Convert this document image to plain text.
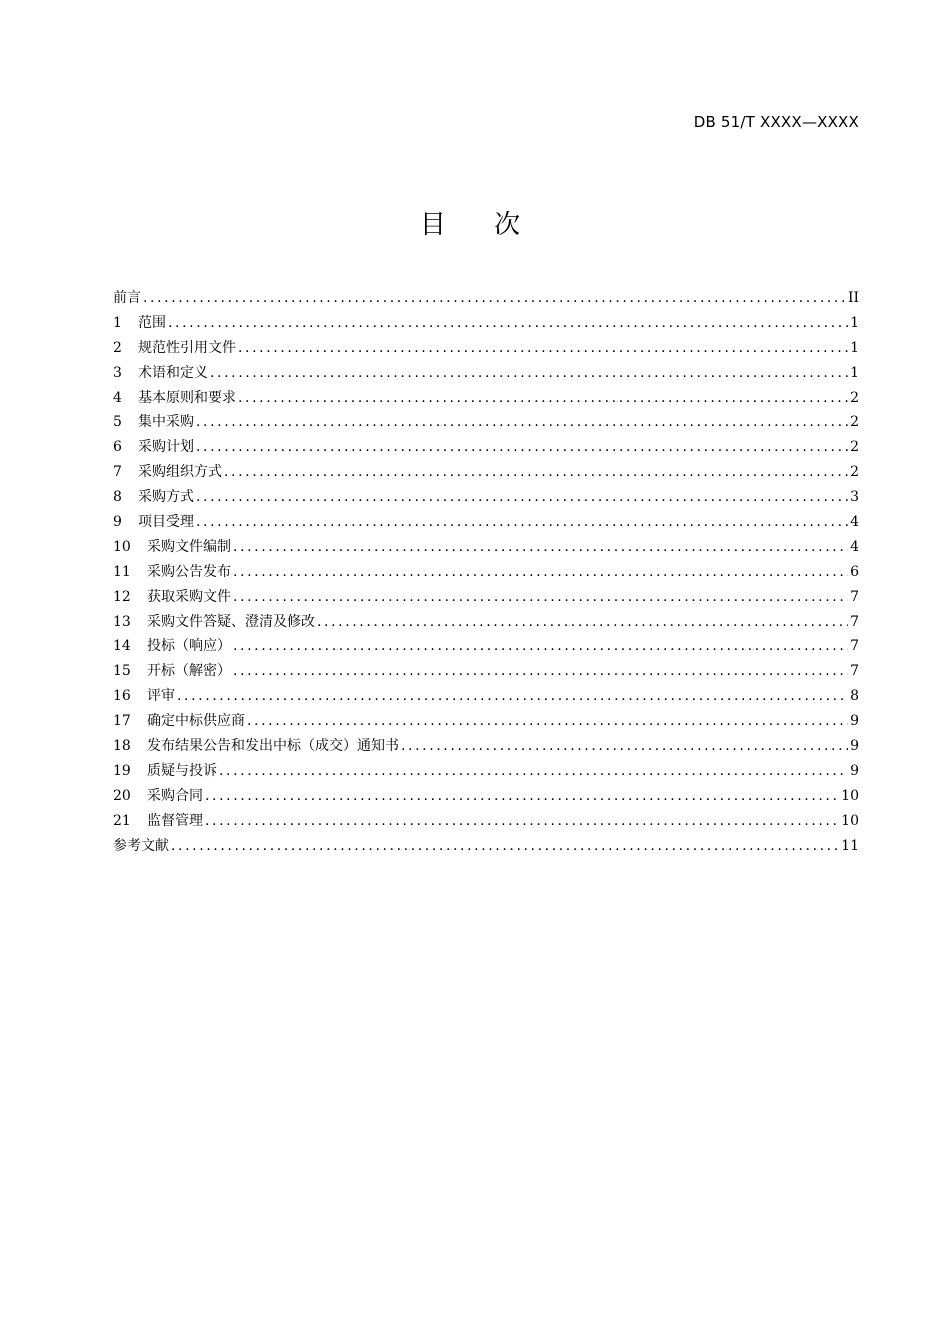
DB 51/T XXXX—XXXX
目 次
前言 .....	II
1	范围 .....	1
2	规范性引用文件 .....	1
3	术语和定义 .....	1
4	基本原则和要求 .....	2
5	集中采购 .....	2
6	采购计划 .....	2
7	采购组织方式 .....	2
8	采购方式 .....	3
9	项目受理 .....	4
10	采购文件编制 .....	4
11	采购公告发布 .....	6
12	获取采购文件 .....	7
13	采购文件答疑、澄清及修改 .....	7
14	投标（响应） .....	7
15	开标（解密） .....	7
16	评审 .....	8
17	确定中标供应商 .....	9
18	发布结果公告和发出中标（成交）通知书 .....	9
19	质疑与投诉 .....	9
20	采购合同 .....	10
21	监督管理 .....	10
参考文献 .....	11
